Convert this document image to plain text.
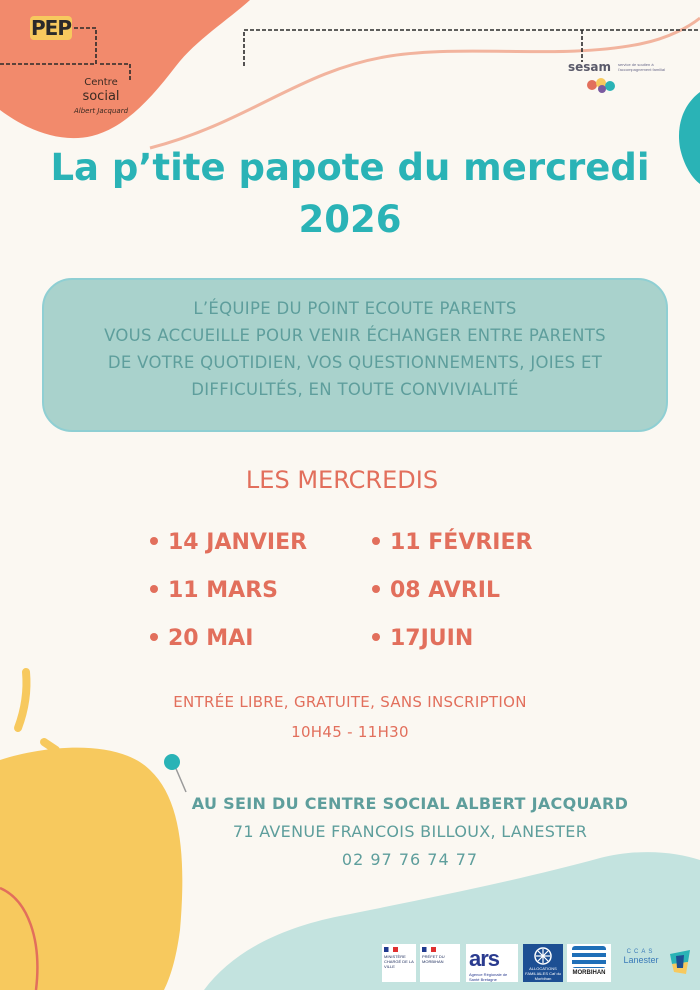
PEP
Centre
social
Albert Jacquard
sesam service de soutien à l'accompagnement familial
La p’tite papote du mercredi
2026
L’ÉQUIPE DU POINT ECOUTE PARENTS
VOUS ACCUEILLE POUR VENIR ÉCHANGER ENTRE PARENTS
DE VOTRE QUOTIDIEN, VOS QUESTIONNEMENTS, JOIES ET
DIFFICULTÉS, EN TOUTE CONVIVIALITÉ
LES MERCREDIS
14 JANVIER	11 FÉVRIER
11 MARS	08 AVRIL
20 MAI	17JUIN
ENTRÉE LIBRE, GRATUITE, SANS INSCRIPTION
10H45 - 11H30
AU SEIN DU CENTRE SOCIAL ALBERT JACQUARD
71 AVENUE FRANCOIS BILLOUX, LANESTER
02 97 76 74 77
MINISTÈRE CHARGÉ DE LA VILLE
PRÉFET DU MORBIHAN	ars
Agence Régionale de Santé Bretagne
ALLOCATIONS FAMILIALES Caf du Morbihan
MORBIHAN
CCAS
Lanester
